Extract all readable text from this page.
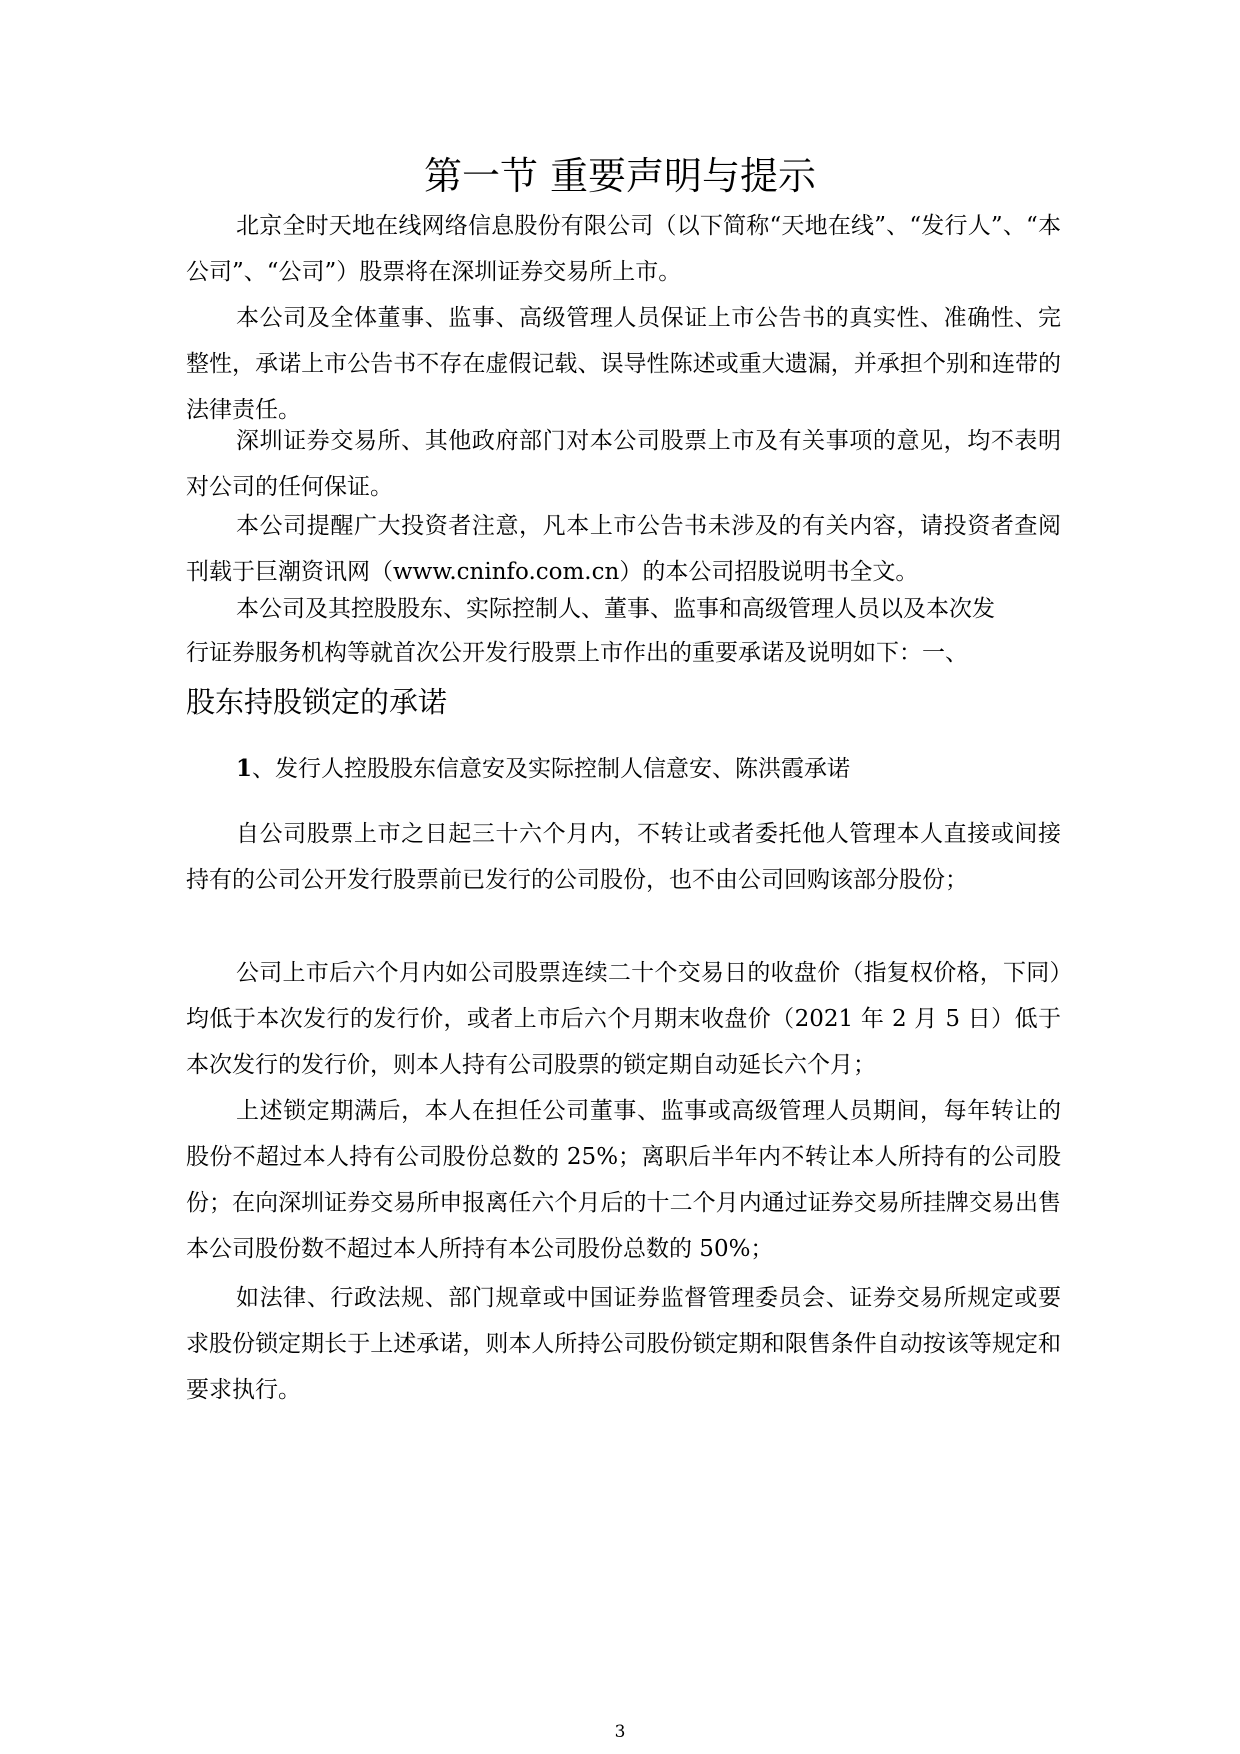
第一节 重要声明与提示

北京全时天地在线网络信息股份有限公司（以下简称“天地在线”、“发行人”、“本公司”、“公司”）股票将在深圳证券交易所上市。

本公司及全体董事、监事、高级管理人员保证上市公告书的真实性、准确性、完整性，承诺上市公告书不存在虚假记载、误导性陈述或重大遗漏，并承担个别和连带的法律责任。

深圳证券交易所、其他政府部门对本公司股票上市及有关事项的意见，均不表明对公司的任何保证。

本公司提醒广大投资者注意，凡本上市公告书未涉及的有关内容，请投资者查阅刊载于巨潮资讯网（www.cninfo.com.cn）的本公司招股说明书全文。

本公司及其控股股东、实际控制人、董事、监事和高级管理人员以及本次发

行证券服务机构等就首次公开发行股票上市作出的重要承诺及说明如下：一、

股东持股锁定的承诺

1、发行人控股股东信意安及实际控制人信意安、陈洪霞承诺

自公司股票上市之日起三十六个月内，不转让或者委托他人管理本人直接或间接持有的公司公开发行股票前已发行的公司股份，也不由公司回购该部分股份；

公司上市后六个月内如公司股票连续二十个交易日的收盘价（指复权价格，下同）均低于本次发行的发行价，或者上市后六个月期末收盘价（2021 年 2 月 5 日）低于本次发行的发行价，则本人持有公司股票的锁定期自动延长六个月；

上述锁定期满后，本人在担任公司董事、监事或高级管理人员期间，每年转让的股份不超过本人持有公司股份总数的 25%；离职后半年内不转让本人所持有的公司股份；在向深圳证券交易所申报离任六个月后的十二个月内通过证券交易所挂牌交易出售本公司股份数不超过本人所持有本公司股份总数的 50%；

如法律、行政法规、部门规章或中国证券监督管理委员会、证券交易所规定或要求股份锁定期长于上述承诺，则本人所持公司股份锁定期和限售条件自动按该等规定和要求执行。

3
